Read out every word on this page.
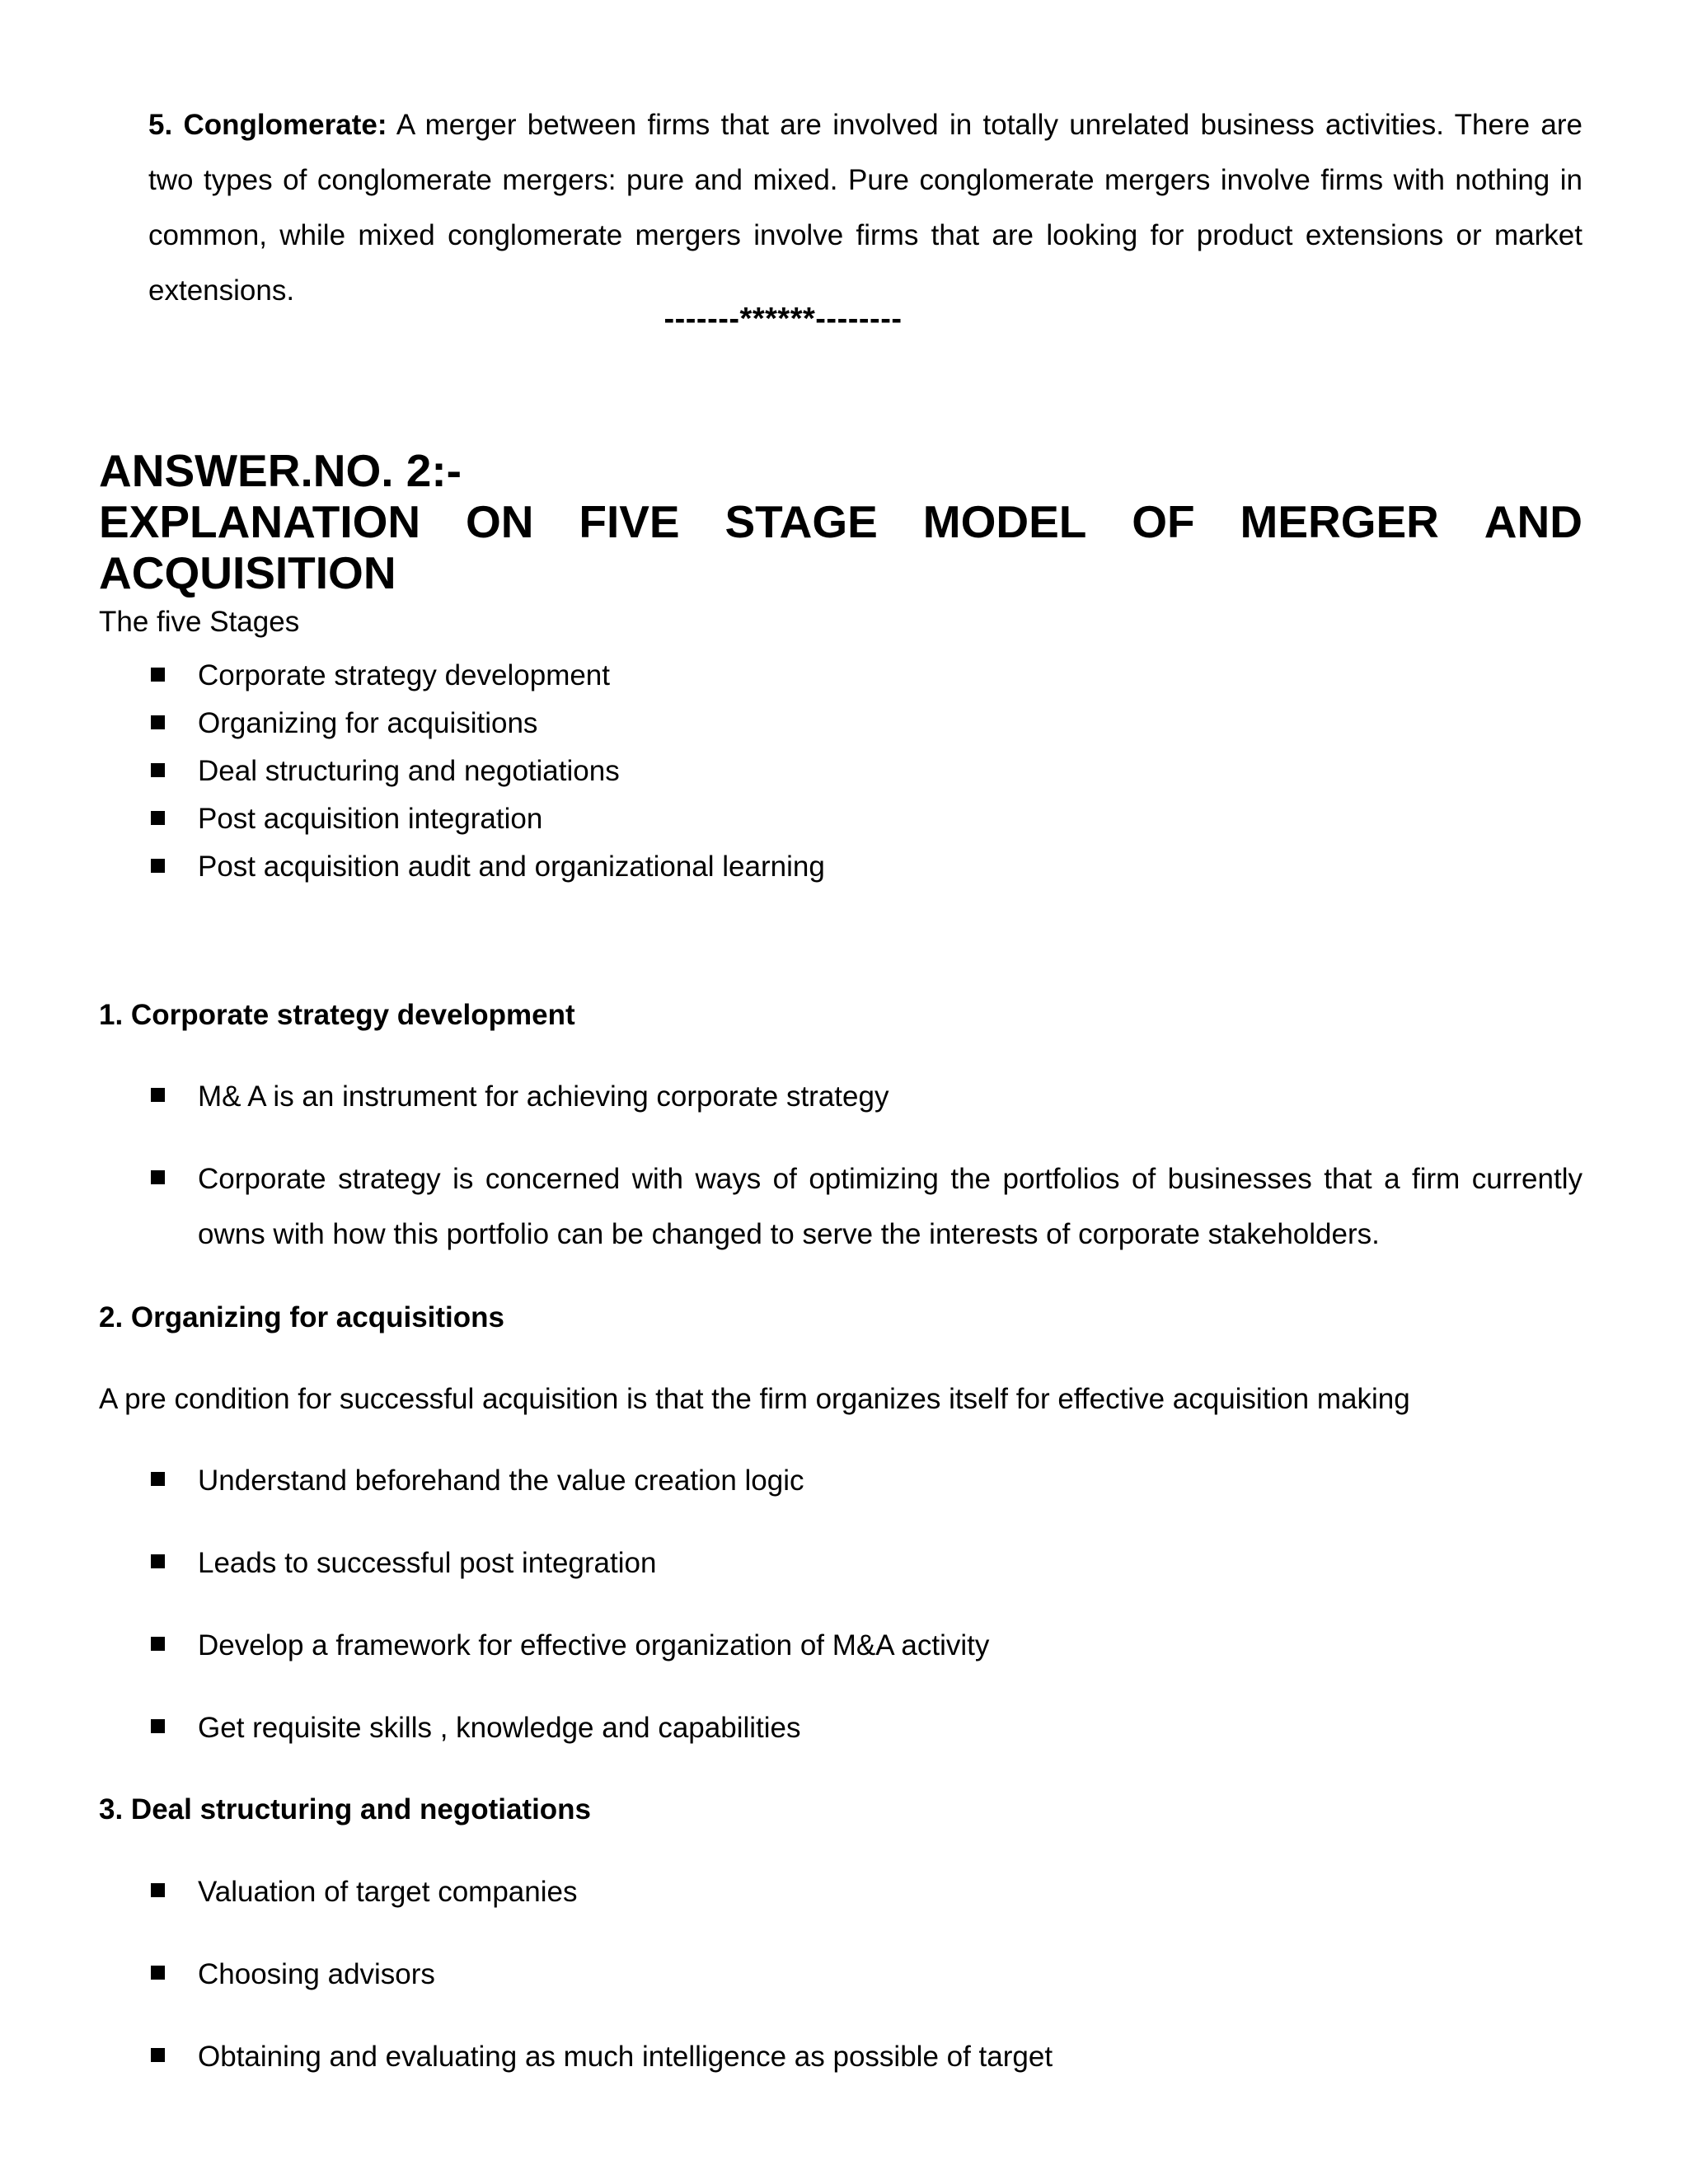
5. Conglomerate: A merger between firms that are involved in totally unrelated business activities. There are two types of conglomerate mergers: pure and mixed. Pure conglomerate mergers involve firms with nothing in common, while mixed conglomerate mergers involve firms that are looking for product extensions or market extensions.
-------******--------
ANSWER.NO. 2:-
EXPLANATION ON FIVE STAGE MODEL OF MERGER AND
ACQUISITION
The five Stages
Corporate strategy development
Organizing for acquisitions
Deal structuring and negotiations
Post acquisition integration
Post acquisition audit and organizational learning
1. Corporate strategy development
M& A is an instrument for achieving corporate strategy
Corporate strategy is concerned with ways of optimizing the portfolios of businesses that a firm currently owns with how this portfolio can be changed to serve the interests of corporate stakeholders.
2. Organizing for acquisitions
A pre condition for successful acquisition is that the firm organizes itself for effective acquisition making
Understand beforehand the value creation logic
Leads to successful post integration
Develop a framework for effective organization of M&A activity
Get requisite skills , knowledge and capabilities
3. Deal structuring and negotiations
Valuation of target companies
Choosing advisors
Obtaining and evaluating as much intelligence as possible of target
